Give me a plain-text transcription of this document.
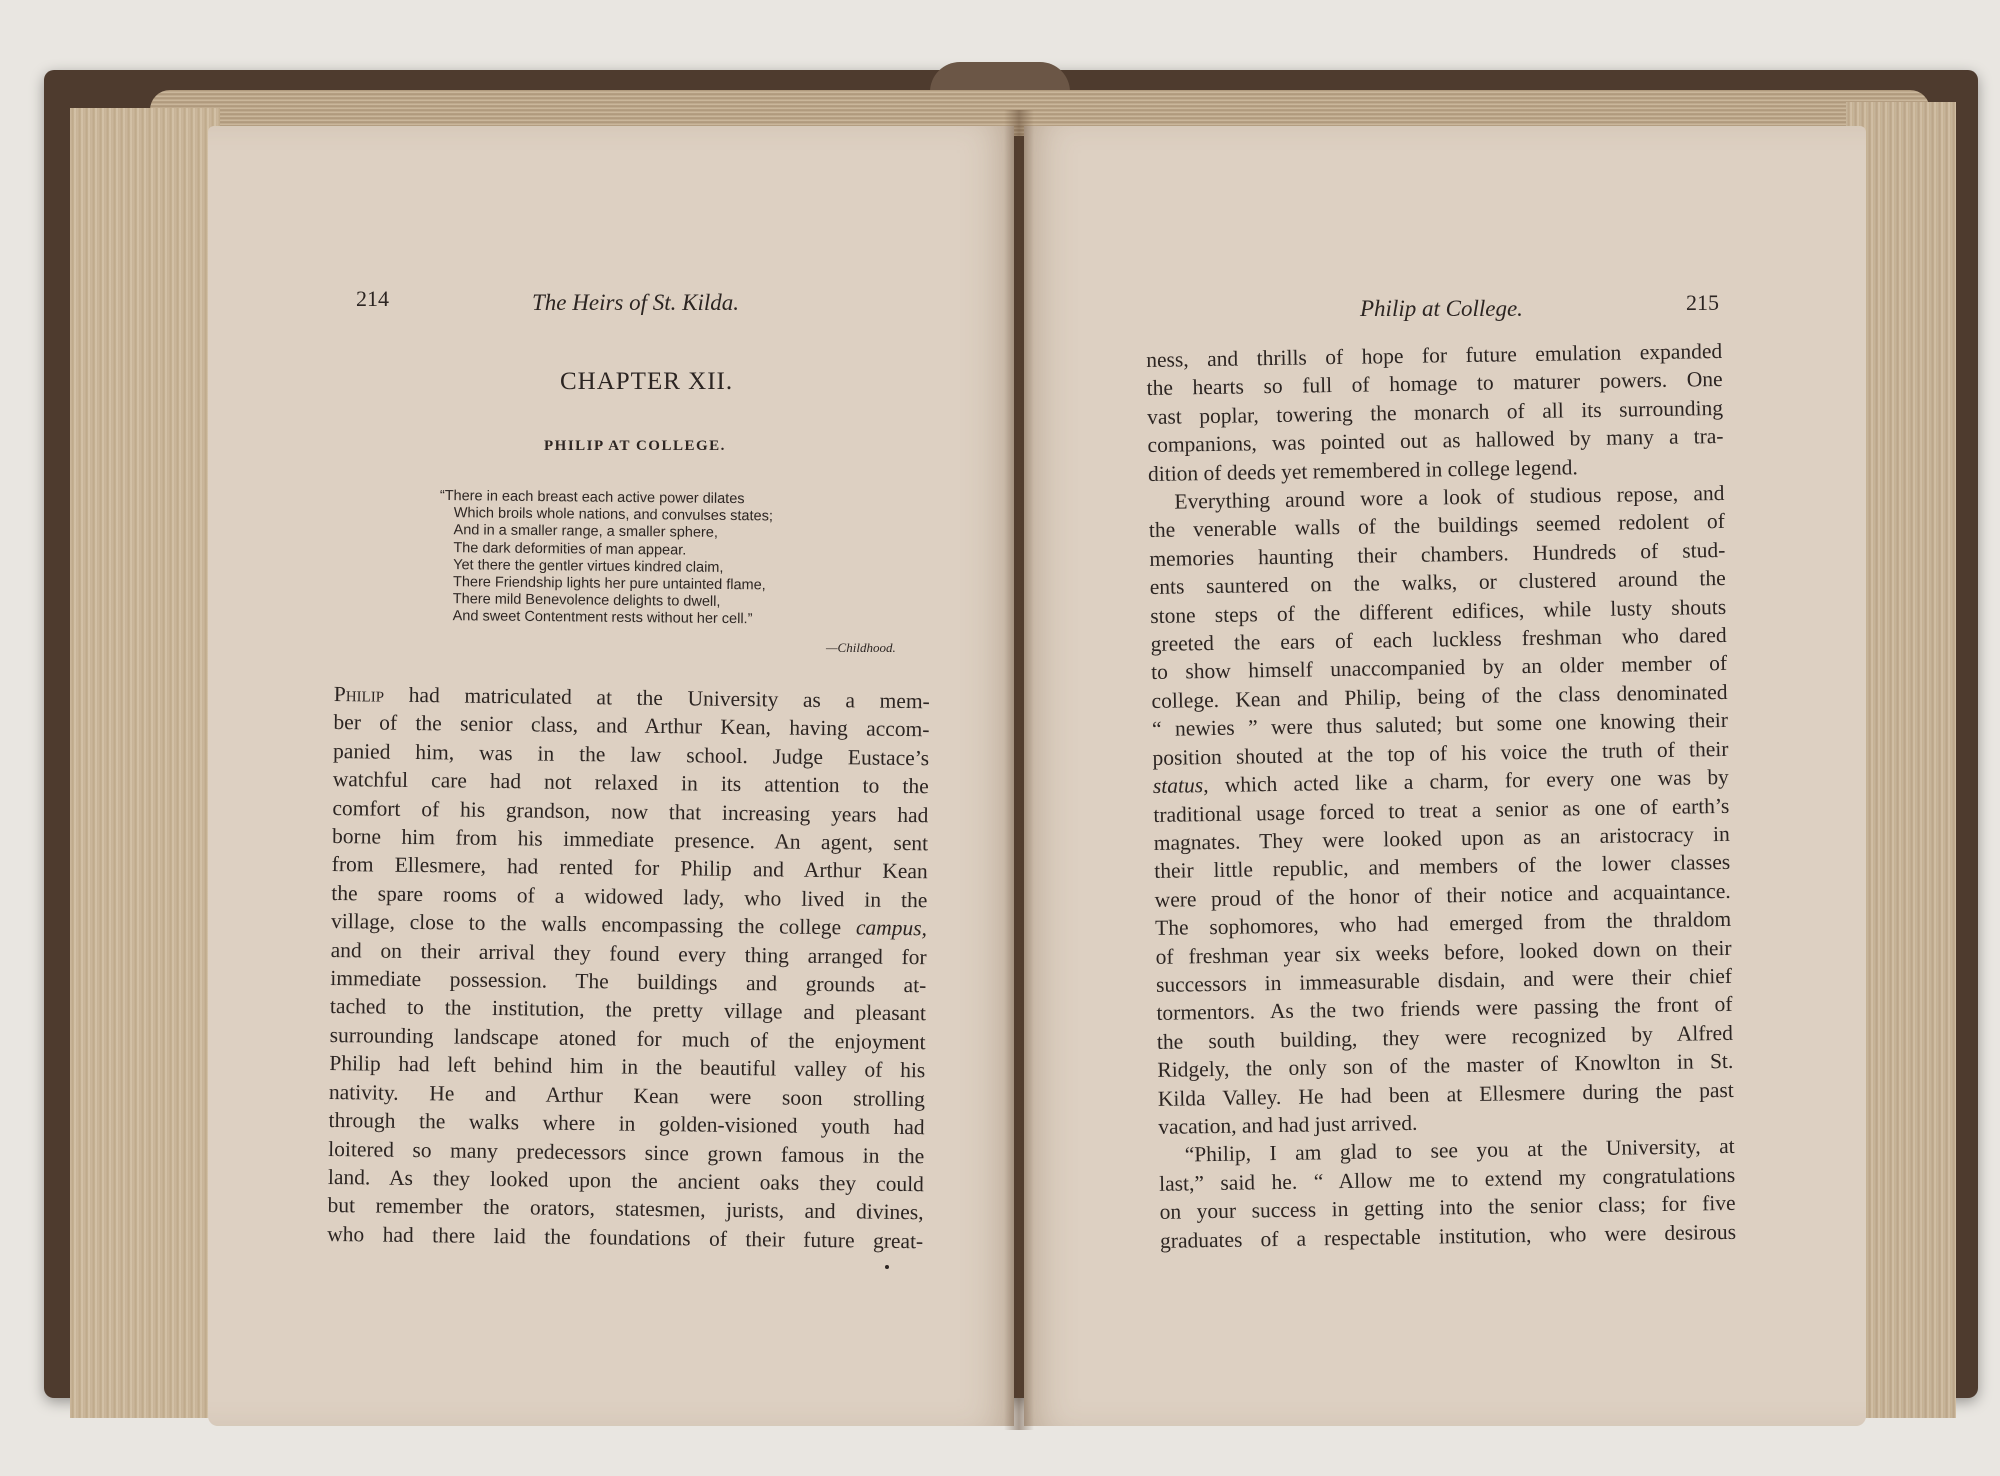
214	The Heirs of St. Kilda.
CHAPTER XII.
PHILIP AT COLLEGE.
“There in each breast each active power dilates
Which broils whole nations, and convulses states;
And in a smaller range, a smaller sphere,
The dark deformities of man appear.
Yet there the gentler virtues kindred claim,
There Friendship lights her pure untainted flame,
There mild Benevolence delights to dwell,
And sweet Contentment rests without her cell.”
—Childhood.
Philip had matriculated at the University as a mem-
ber of the senior class, and Arthur Kean, having accom-
panied him, was in the law school. Judge Eustace’s
watchful care had not relaxed in its attention to the
comfort of his grandson, now that increasing years had
borne him from his immediate presence. An agent, sent
from Ellesmere, had rented for Philip and Arthur Kean
the spare rooms of a widowed lady, who lived in the
village, close to the walls encompassing the college campus,
and on their arrival they found every thing arranged for
immediate possession. The buildings and grounds at-
tached to the institution, the pretty village and pleasant
surrounding landscape atoned for much of the enjoyment
Philip had left behind him in the beautiful valley of his
nativity. He and Arthur Kean were soon strolling
through the walks where in golden-visioned youth had
loitered so many predecessors since grown famous in the
land. As they looked upon the ancient oaks they could
but remember the orators, statesmen, jurists, and divines,
who had there laid the foundations of their future great-
Philip at College.	215
ness, and thrills of hope for future emulation expanded
the hearts so full of homage to maturer powers. One
vast poplar, towering the monarch of all its surrounding
companions, was pointed out as hallowed by many a tra-
dition of deeds yet remembered in college legend.
Everything around wore a look of studious repose, and
the venerable walls of the buildings seemed redolent of
memories haunting their chambers. Hundreds of stud-
ents sauntered on the walks, or clustered around the
stone steps of the different edifices, while lusty shouts
greeted the ears of each luckless freshman who dared
to show himself unaccompanied by an older member of
college. Kean and Philip, being of the class denominated
“ newies ” were thus saluted; but some one knowing their
position shouted at the top of his voice the truth of their
status, which acted like a charm, for every one was by
traditional usage forced to treat a senior as one of earth’s
magnates. They were looked upon as an aristocracy in
their little republic, and members of the lower classes
were proud of the honor of their notice and acquaintance.
The sophomores, who had emerged from the thraldom
of freshman year six weeks before, looked down on their
successors in immeasurable disdain, and were their chief
tormentors. As the two friends were passing the front of
the south building, they were recognized by Alfred
Ridgely, the only son of the master of Knowlton in St.
Kilda Valley. He had been at Ellesmere during the past
vacation, and had just arrived.
“Philip, I am glad to see you at the University, at
last,” said he. “ Allow me to extend my congratulations
on your success in getting into the senior class; for five
graduates of a respectable institution, who were desirous
